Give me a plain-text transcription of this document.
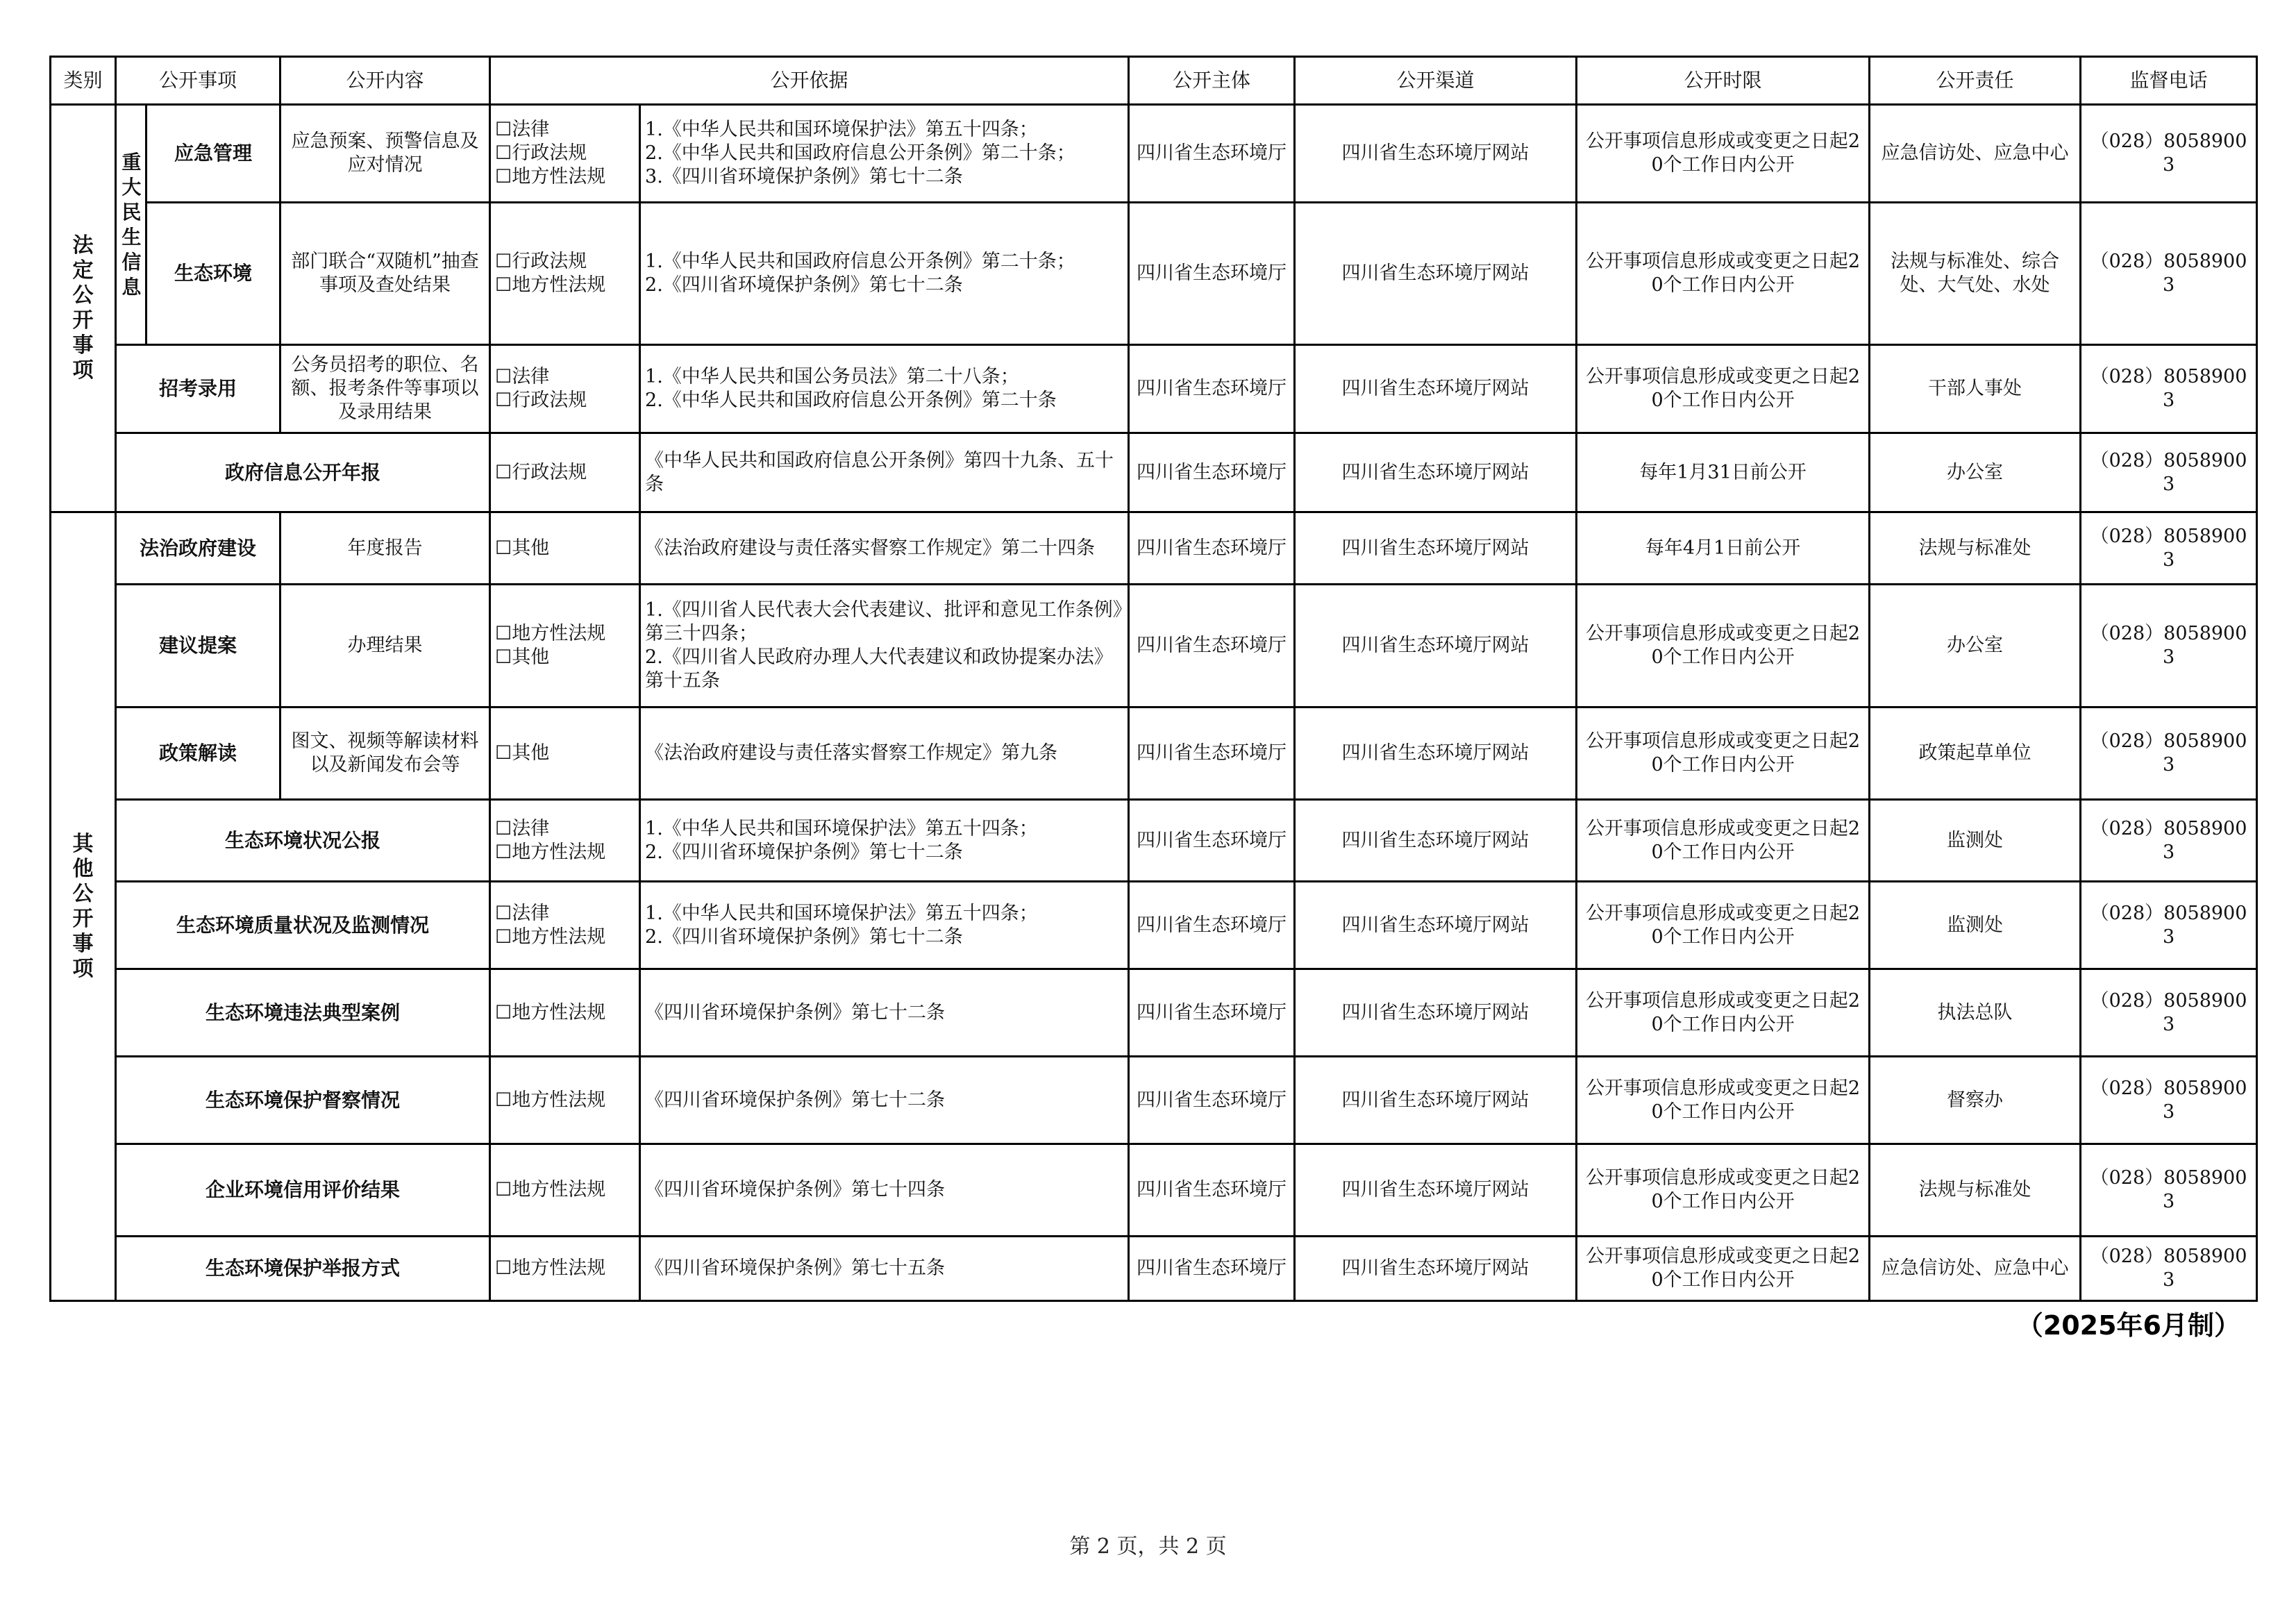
类别	公开事项		公开内容	公开依据		公开主体	公开渠道	公开时限	公开责任	监督电话

法定公开事项	重大民生信息	应急管理	应急预案、预警信息及应对情况	☐法律
☐行政法规
☐地方性法规	1.《中华人民共和国环境保护法》第五十四条；
2.《中华人民共和国政府信息公开条例》第二十条；
3.《四川省环境保护条例》第七十二条	四川省生态环境厅	四川省生态环境厅网站	公开事项信息形成或变更之日起20个工作日内公开	应急信访处、应急中心	（028）80589003
		生态环境	部门联合“双随机”抽查事项及查处结果	☐行政法规
☐地方性法规	1.《中华人民共和国政府信息公开条例》第二十条；
2.《四川省环境保护条例》第七十二条	四川省生态环境厅	四川省生态环境厅网站	公开事项信息形成或变更之日起20个工作日内公开	法规与标准处、综合处、大气处、水处	（028）80589003
	招考录用		公务员招考的职位、名额、报考条件等事项以及录用结果	☐法律
☐行政法规	1.《中华人民共和国公务员法》第二十八条；
2.《中华人民共和国政府信息公开条例》第二十条	四川省生态环境厅	四川省生态环境厅网站	公开事项信息形成或变更之日起20个工作日内公开	干部人事处	（028）80589003
	政府信息公开年报			☐行政法规	《中华人民共和国政府信息公开条例》第四十九条、五十条	四川省生态环境厅	四川省生态环境厅网站	每年1月31日前公开	办公室	（028）80589003

其他公开事项	法治政府建设		年度报告	☐其他	《法治政府建设与责任落实督察工作规定》第二十四条	四川省生态环境厅	四川省生态环境厅网站	每年4月1日前公开	法规与标准处	（028）80589003
	建议提案		办理结果	☐地方性法规
☐其他	1.《四川省人民代表大会代表建议、批评和意见工作条例》第三十四条；
2.《四川省人民政府办理人大代表建议和政协提案办法》第十五条	四川省生态环境厅	四川省生态环境厅网站	公开事项信息形成或变更之日起20个工作日内公开	办公室	（028）80589003
	政策解读		图文、视频等解读材料以及新闻发布会等	☐其他	《法治政府建设与责任落实督察工作规定》第九条	四川省生态环境厅	四川省生态环境厅网站	公开事项信息形成或变更之日起20个工作日内公开	政策起草单位	（028）80589003
	生态环境状况公报			☐法律
☐地方性法规	1.《中华人民共和国环境保护法》第五十四条；
2.《四川省环境保护条例》第七十二条	四川省生态环境厅	四川省生态环境厅网站	公开事项信息形成或变更之日起20个工作日内公开	监测处	（028）80589003
	生态环境质量状况及监测情况			☐法律
☐地方性法规	1.《中华人民共和国环境保护法》第五十四条；
2.《四川省环境保护条例》第七十二条	四川省生态环境厅	四川省生态环境厅网站	公开事项信息形成或变更之日起20个工作日内公开	监测处	（028）80589003
	生态环境违法典型案例			☐地方性法规	《四川省环境保护条例》第七十二条	四川省生态环境厅	四川省生态环境厅网站	公开事项信息形成或变更之日起20个工作日内公开	执法总队	（028）80589003
	生态环境保护督察情况			☐地方性法规	《四川省环境保护条例》第七十二条	四川省生态环境厅	四川省生态环境厅网站	公开事项信息形成或变更之日起20个工作日内公开	督察办	（028）80589003
	企业环境信用评价结果			☐地方性法规	《四川省环境保护条例》第七十四条	四川省生态环境厅	四川省生态环境厅网站	公开事项信息形成或变更之日起20个工作日内公开	法规与标准处	（028）80589003
	生态环境保护举报方式			☐地方性法规	《四川省环境保护条例》第七十五条	四川省生态环境厅	四川省生态环境厅网站	公开事项信息形成或变更之日起20个工作日内公开	应急信访处、应急中心	（028）80589003
（2025年6月制）
第 2 页，共 2 页
